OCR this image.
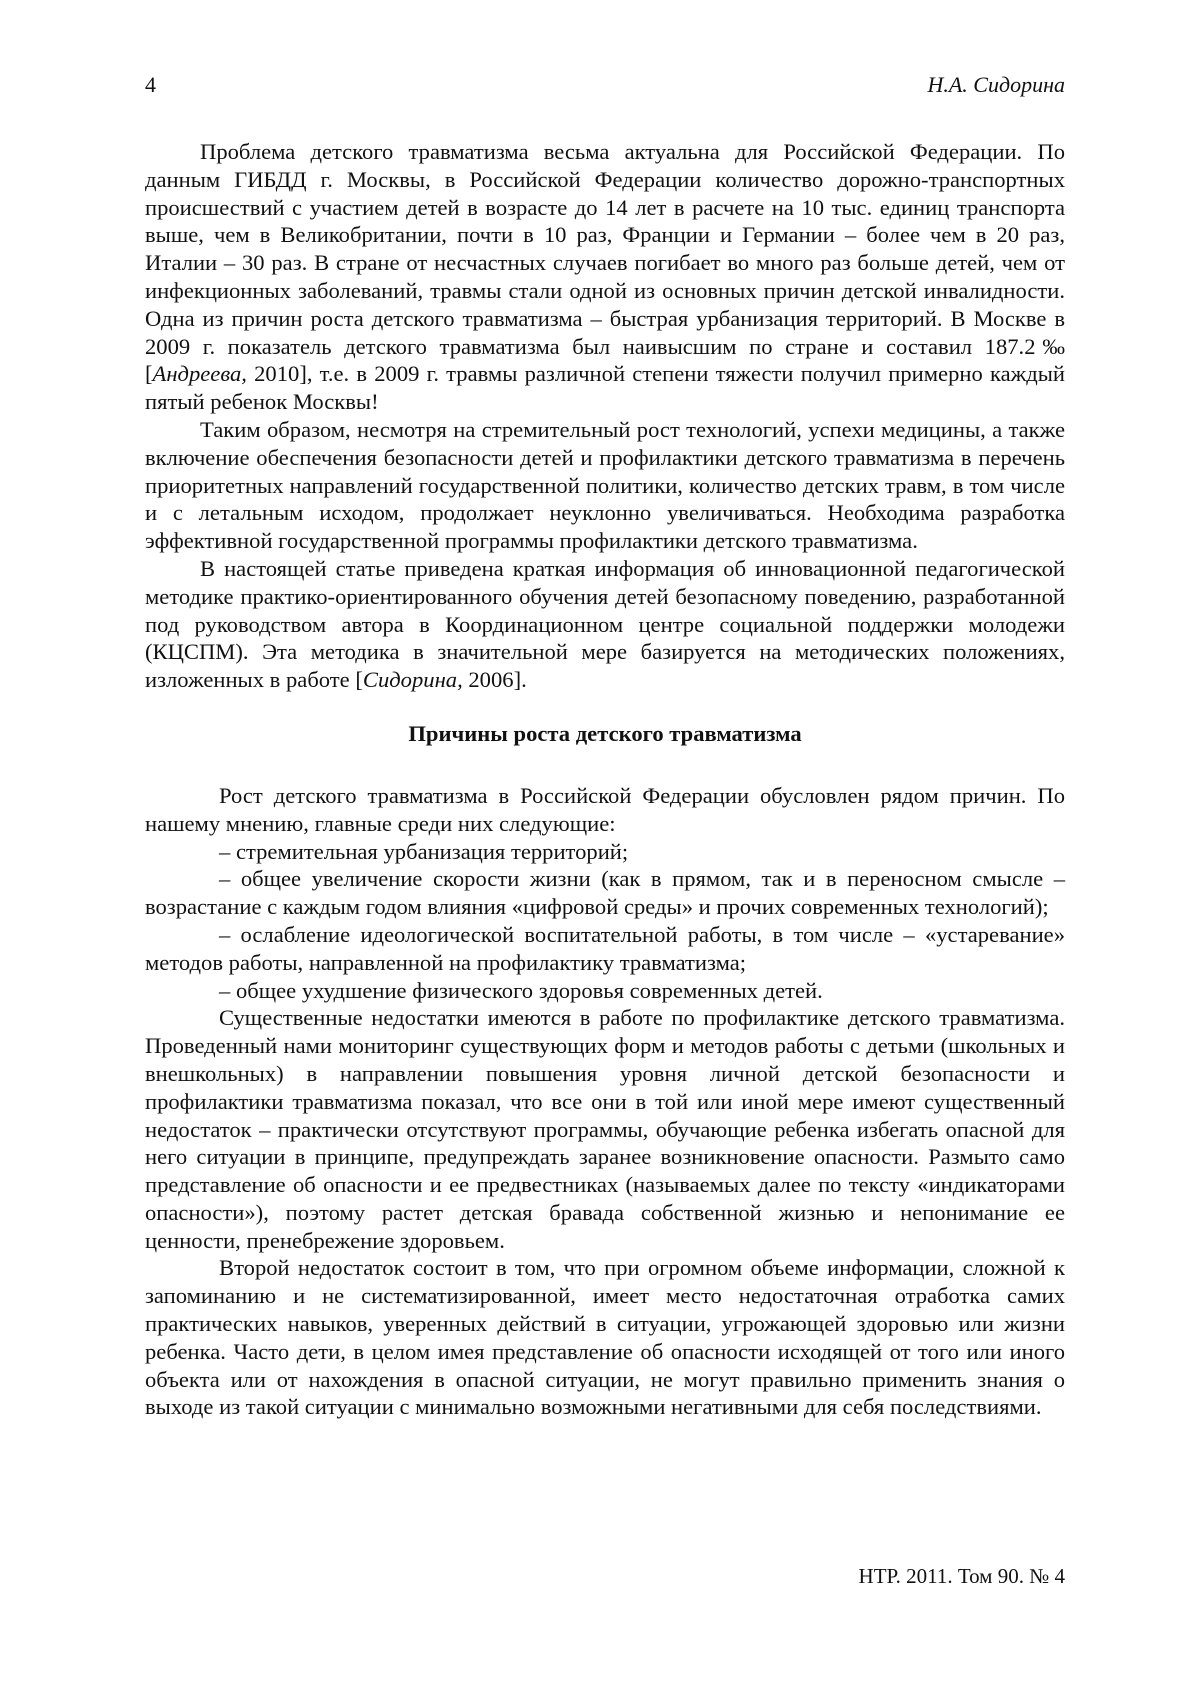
4	Н.А. Сидорина

Проблема детского травматизма весьма актуальна для Российской Федерации. По данным ГИБДД г. Москвы, в Российской Федерации количество дорожно-транспортных происшествий с участием детей в возрасте до 14 лет в расчете на 10 тыс. единиц транспорта выше, чем в Великобритании, почти в 10 раз, Франции и Германии – более чем в 20 раз, Италии – 30 раз. В стране от несчастных случаев погибает во много раз больше детей, чем от инфекционных заболеваний, травмы стали одной из основных причин детской инвалидности. Одна из причин роста детского травматизма – быстрая урбанизация территорий. В Москве в 2009 г. показатель детского травматизма был наивысшим по стране и составил 187.2‰ [Андреева, 2010], т.е. в 2009 г. травмы различной степени тяжести получил примерно каждый пятый ребенок Москвы!

Таким образом, несмотря на стремительный рост технологий, успехи медицины, а также включение обеспечения безопасности детей и профилактики детского травматизма в перечень приоритетных направлений государственной политики, количество детских травм, в том числе и с летальным исходом, продолжает неуклонно увеличиваться. Необходима разработка эффективной государственной программы профилактики детского травматизма.

В настоящей статье приведена краткая информация об инновационной педагогической методике практико-ориентированного обучения детей безопасному поведению, разработанной под руководством автора в Координационном центре социальной поддержки молодежи (КЦСПМ). Эта методика в значительной мере базируется на методических положениях, изложенных в работе [Сидорина, 2006].

Причины роста детского травматизма

Рост детского травматизма в Российской Федерации обусловлен рядом причин. По нашему мнению, главные среди них следующие:

– стремительная урбанизация территорий;

– общее увеличение скорости жизни (как в прямом, так и в переносном смысле – возрастание с каждым годом влияния «цифровой среды» и прочих современных технологий);

– ослабление идеологической воспитательной работы, в том числе – «устаревание» методов работы, направленной на профилактику травматизма;

– общее ухудшение физического здоровья современных детей.

Существенные недостатки имеются в работе по профилактике детского травматизма. Проведенный нами мониторинг существующих форм и методов работы с детьми (школьных и внешкольных) в направлении повышения уровня личной детской безопасности и профилактики травматизма показал, что все они в той или иной мере имеют существенный недостаток – практически отсутствуют программы, обучающие ребенка избегать опасной для него ситуации в принципе, предупреждать заранее возникновение опасности. Размыто само представление об опасности и ее предвестниках (называемых далее по тексту «индикаторами опасности»), поэтому растет детская бравада собственной жизнью и непонимание ее ценности, пренебрежение здоровьем.

Второй недостаток состоит в том, что при огромном объеме информации, сложной к запоминанию и не систематизированной, имеет место недостаточная отработка самих практических навыков, уверенных действий в ситуации, угрожающей здоровью или жизни ребенка. Часто дети, в целом имея представление об опасности исходящей от того или иного объекта или от нахождения в опасной ситуации, не могут правильно применить знания о выходе из такой ситуации с минимально возможными негативными для себя последствиями.

НТР. 2011. Том 90. № 4
